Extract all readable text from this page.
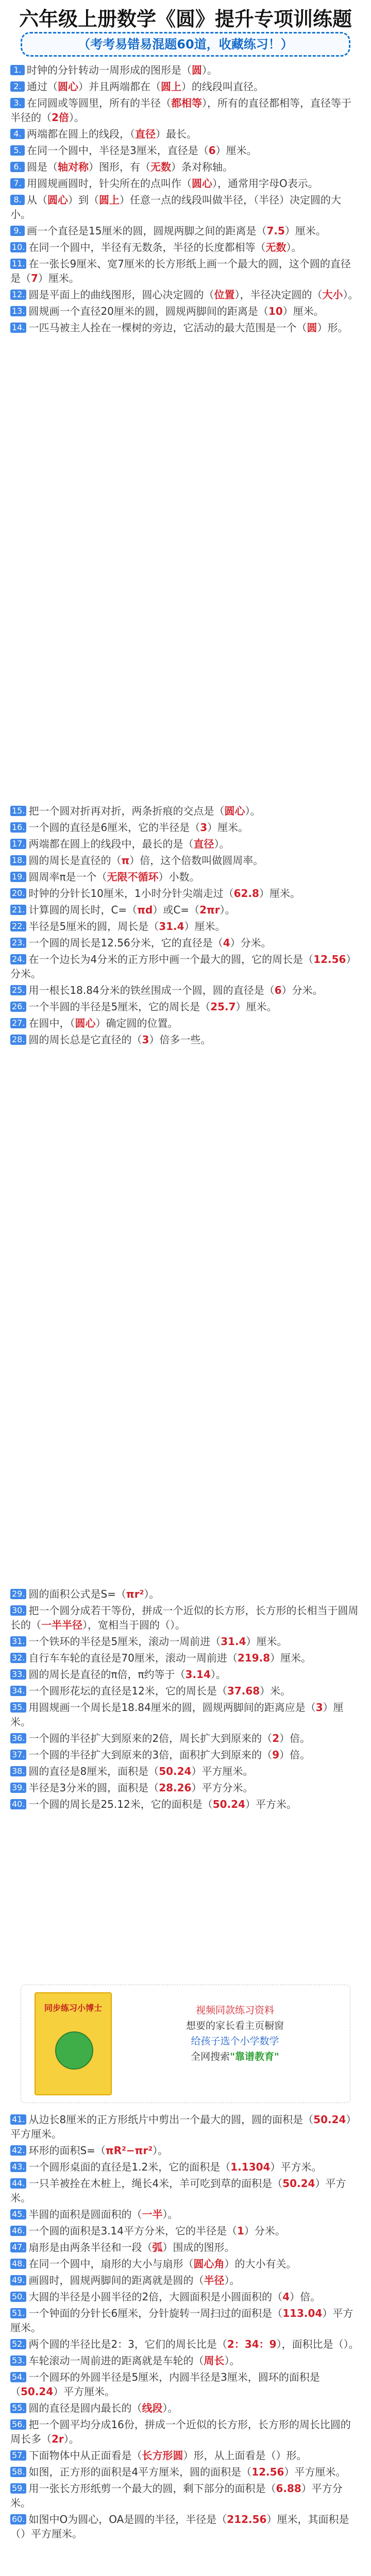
六年级上册数学《圆》提升专项训练题
（考考易错易混题60道，收藏练习！）
1. 时钟的分针转动一周形成的图形是（圆）。
2. 通过（圆心）并且两端都在（圆上）的线段叫直径。
3. 在同圆或等圆里，所有的半径（都相等），所有的直径都相等，直径等于半径的（2倍）。
4. 两端都在圆上的线段，（直径）最长。
5. 在同一个圆中，半径是3厘米，直径是（6）厘米。
6. 圆是（轴对称）图形，有（无数）条对称轴。
7. 用圆规画圆时，针尖所在的点叫作（圆心），通常用字母O表示。
8. 从（圆心）到（圆上）任意一点的线段叫做半径，（半径）决定圆的大小。
9. 画一个直径是15厘米的圆，圆规两脚之间的距离是（7.5）厘米。
10. 在同一个圆中，半径有无数条，半径的长度都相等（无数）。
11. 在一张长9厘米、宽7厘米的长方形纸上画一个最大的圆，这个圆的直径是（7）厘米。
12. 圆是平面上的曲线图形，圆心决定圆的（位置），半径决定圆的（大小）。
13. 圆规画一个直径20厘米的圆，圆规两脚间的距离是（10）厘米。
14. 一匹马被主人拴在一棵树的旁边，它活动的最大范围是一个（圆）形。
15. 把一个圆对折再对折，两条折痕的交点是（圆心）。
16. 一个圆的直径是6厘米，它的半径是（3）厘米。
17. 两端都在圆上的线段中，最长的是（直径）。
18. 圆的周长是直径的（π）倍，这个倍数叫做圆周率。
19. 圆周率π是一个（无限不循环）小数。
20. 时钟的分针长10厘米，1小时分针尖端走过（62.8）厘米。
21. 计算圆的周长时，C=（πd）或C=（2πr）。
22. 半径是5厘米的圆，周长是（31.4）厘米。
23. 一个圆的周长是12.56分米，它的直径是（4）分米。
24. 在一个边长为4分米的正方形中画一个最大的圆，它的周长是（12.56）分米。
25. 用一根长18.84分米的铁丝围成一个圆，圆的直径是（6）分米。
26. 一个半圆的半径是5厘米，它的周长是（25.7）厘米。
27. 在圆中，（圆心）确定圆的位置。
28. 圆的周长总是它直径的（3）倍多一些。
29. 圆的面积公式是S=（πr²）。
30. 把一个圆分成若干等份，拼成一个近似的长方形，长方形的长相当于圆周长的（一半半径），宽相当于圆的（）。
31. 一个铁环的半径是5厘米，滚动一周前进（31.4）厘米。
32. 自行车车轮的直径是70厘米，滚动一周前进（219.8）厘米。
33. 圆的周长是直径的π倍，π约等于（3.14）。
34. 一个圆形花坛的直径是12米，它的周长是（37.68）米。
35. 用圆规画一个周长是18.84厘米的圆，圆规两脚间的距离应是（3）厘米。
36. 一个圆的半径扩大到原来的2倍，周长扩大到原来的（2）倍。
37. 一个圆的半径扩大到原来的3倍，面积扩大到原来的（9）倍。
38. 圆的直径是8厘米，面积是（50.24）平方厘米。
39. 半径是3分米的圆，面积是（28.26）平方分米。
40. 一个圆的周长是25.12米，它的面积是（50.24）平方米。
41. 从边长8厘米的正方形纸片中剪出一个最大的圆，圆的面积是（50.24）平方厘米。
42. 环形的面积S=（πR²−πr²）。
43. 一个圆形桌面的直径是1.2米，它的面积是（1.1304）平方米。
44. 一只羊被拴在木桩上，绳长4米，羊可吃到草的面积是（50.24）平方米。
45. 半圆的面积是圆面积的（一半）。
46. 一个圆的面积是3.14平方分米，它的半径是（1）分米。
47. 扇形是由两条半径和一段（弧）围成的图形。
48. 在同一个圆中，扇形的大小与扇形（圆心角）的大小有关。
49. 画圆时，圆规两脚间的距离就是圆的（半径）。
50. 大圆的半径是小圆半径的2倍，大圆面积是小圆面积的（4）倍。
51. 一个钟面的分针长6厘米，分针旋转一周扫过的面积是（113.04）平方厘米。
52. 两个圆的半径比是2：3，它们的周长比是（2：34：9），面积比是（）。
53. 车轮滚动一周前进的距离就是车轮的（周长）。
54. 一个圆环的外圆半径是5厘米，内圆半径是3厘米，圆环的面积是（50.24）平方厘米。
55. 圆的直径是圆内最长的（线段）。
56. 把一个圆平均分成16份，拼成一个近似的长方形，长方形的周长比圆的周长多（2r）。
57. 下面物体中从正面看是（长方形圆）形，从上面看是（）形。
58. 如图，正方形的面积是4平方厘米，圆的面积是（12.56）平方厘米。
59. 用一张长方形纸剪一个最大的圆，剩下部分的面积是（6.88）平方分米。
60. 如图中O为圆心，OA是圆的半径，半径是（212.56）厘米，其面积是（）平方厘米。
同步练习小博士	视频同款练习资料
想要的家长看主页橱窗
给孩子选个小学数学
全网搜索"靠谱教育"
